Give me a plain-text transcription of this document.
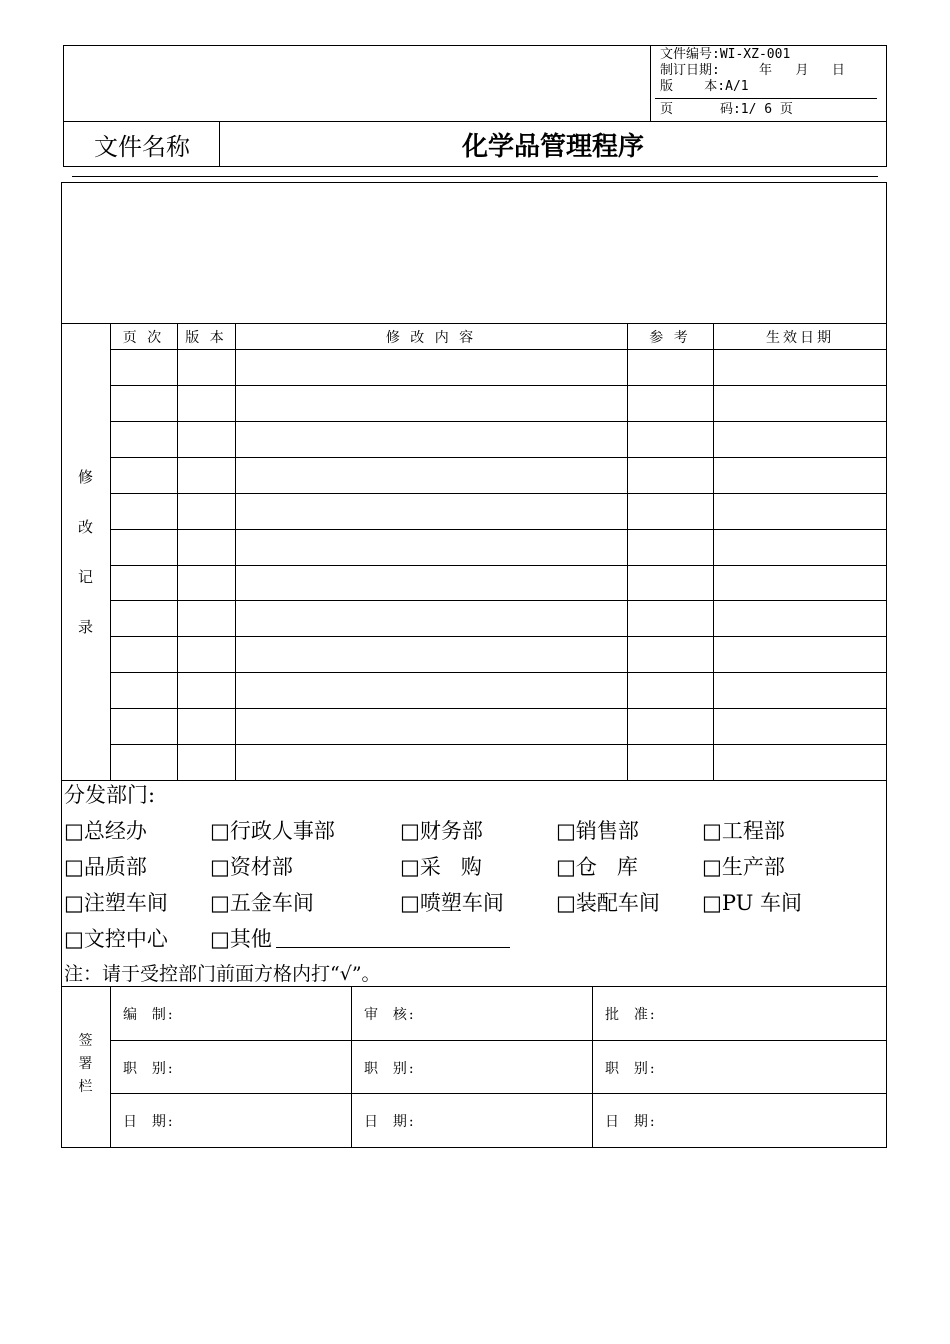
文件编号:WI-XZ-001
制订日期:     年   月   日
版    本:A/1
页      码:1/ 6 页
文件名称	化学品管理程序
页 次	版 本	修 改 内 容	参 考	生效日期
修
改
记
录
分发部门:
□总经办	□行政人事部	□财务部	□销售部	□工程部
□品质部	□资材部	□采   购	□仓   库	□生产部
□注塑车间 □五金车间	□喷塑车间 □装配车间 □PU 车间
□文控中心 □其他
注：请于受控部门前面方格内打“√”。
签
署
栏
编  制:	审  核:	批  准:
职  别:	职  别:	职  别:
日  期:	日  期:	日  期:
